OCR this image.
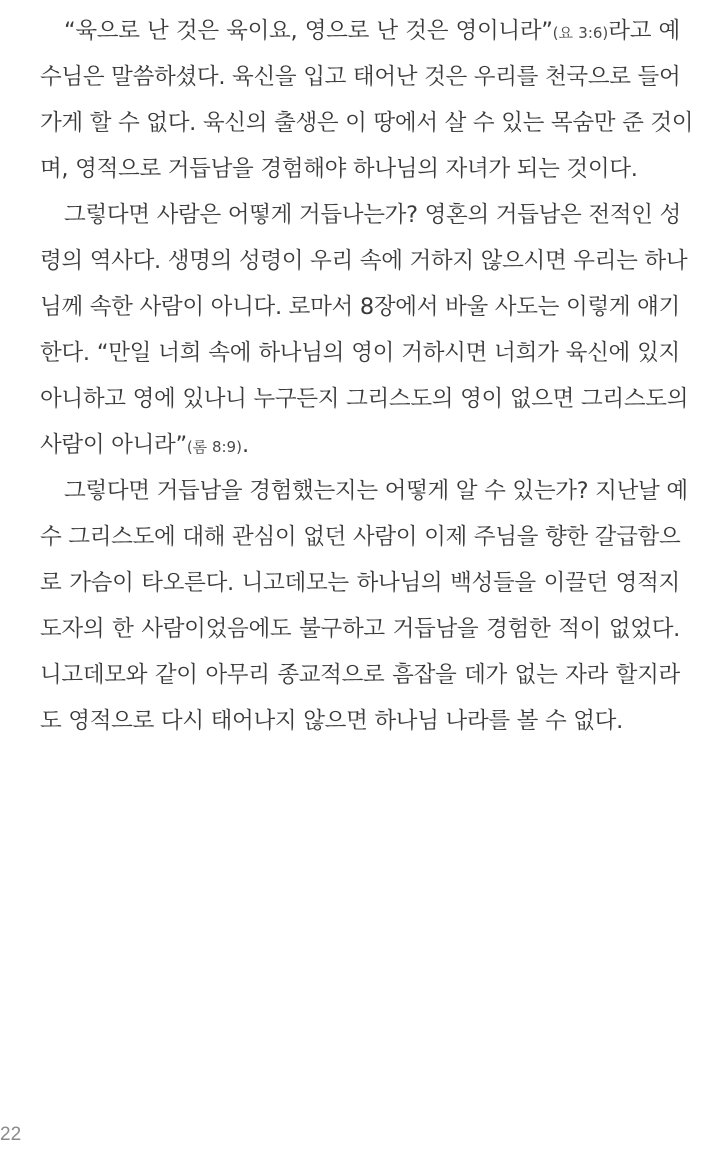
“육으로 난 것은 육이요, 영으로 난 것은 영이니라”(요 3:6)라고 예
수님은 말씀하셨다. 육신을 입고 태어난 것은 우리를 천국으로 들어
가게 할 수 없다. 육신의 출생은 이 땅에서 살 수 있는 목숨만 준 것이
며, 영적으로 거듭남을 경험해야 하나님의 자녀가 되는 것이다.
그렇다면 사람은 어떻게 거듭나는가? 영혼의 거듭남은 전적인 성
령의 역사다. 생명의 성령이 우리 속에 거하지 않으시면 우리는 하나
님께 속한 사람이 아니다. 로마서 8장에서 바울 사도는 이렇게 얘기
한다. “만일 너희 속에 하나님의 영이 거하시면 너희가 육신에 있지
아니하고 영에 있나니 누구든지 그리스도의 영이 없으면 그리스도의
사람이 아니라”(롬 8:9).
그렇다면 거듭남을 경험했는지는 어떻게 알 수 있는가? 지난날 예
수 그리스도에 대해 관심이 없던 사람이 이제 주님을 향한 갈급함으
로 가슴이 타오른다. 니고데모는 하나님의 백성들을 이끌던 영적지
도자의 한 사람이었음에도 불구하고 거듭남을 경험한 적이 없었다.
니고데모와 같이 아무리 종교적으로 흠잡을 데가 없는 자라 할지라
도 영적으로 다시 태어나지 않으면 하나님 나라를 볼 수 없다.
22
